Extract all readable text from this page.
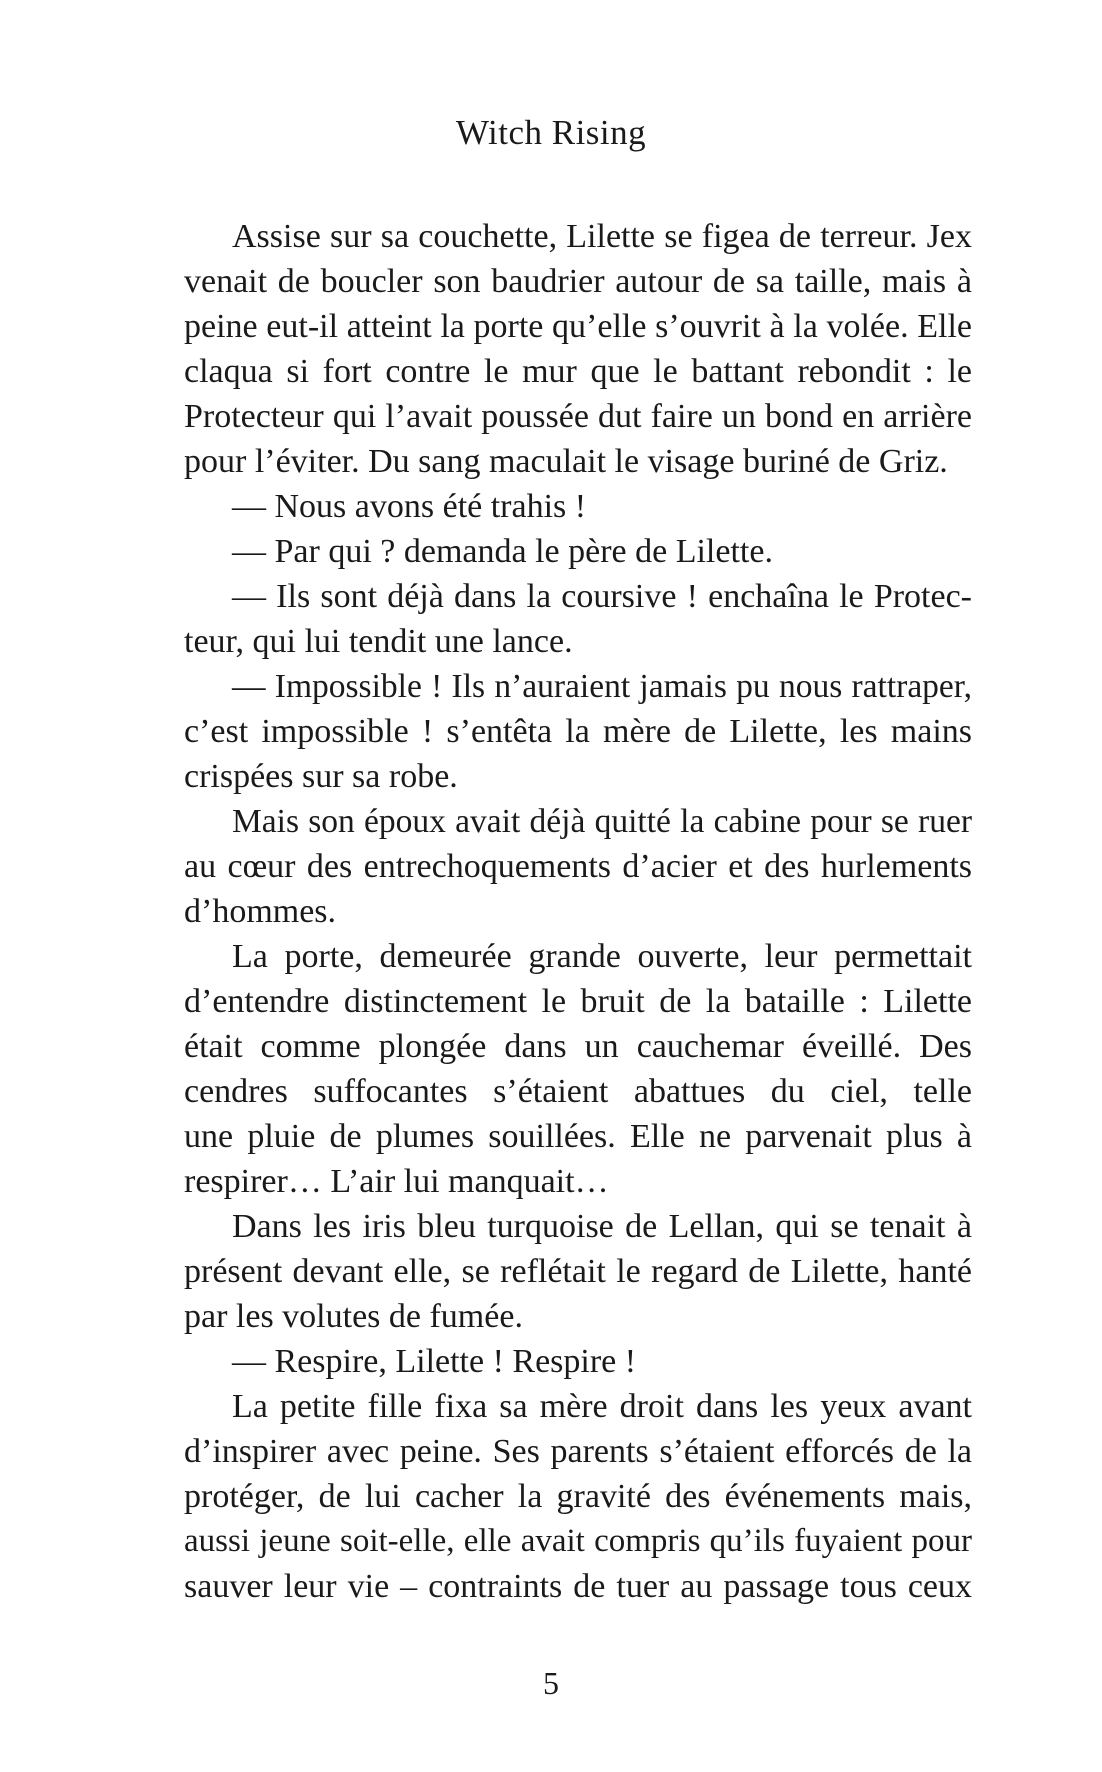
Witch Rising
Assise sur sa couchette, Lilette se figea de terreur. Jex
venait de boucler son baudrier autour de sa taille, mais à
peine eut-il atteint la porte qu’elle s’ouvrit à la volée. Elle
claqua si fort contre le mur que le battant rebondit : le
Protecteur qui l’avait poussée dut faire un bond en arrière
pour l’éviter. Du sang maculait le visage buriné de Griz.
— Nous avons été trahis !
— Par qui ? demanda le père de Lilette.
— Ils sont déjà dans la coursive ! enchaîna le Protec-
teur, qui lui tendit une lance.
— Impossible ! Ils n’auraient jamais pu nous rattraper,
c’est impossible ! s’entêta la mère de Lilette, les mains
crispées sur sa robe.
Mais son époux avait déjà quitté la cabine pour se ruer
au cœur des entrechoquements d’acier et des hurlements
d’hommes.
La porte, demeurée grande ouverte, leur permettait
d’entendre distinctement le bruit de la bataille : Lilette
était comme plongée dans un cauchemar éveillé. Des
cendres suffocantes s’étaient abattues du ciel, telle
une pluie de plumes souillées. Elle ne parvenait plus à
respirer… L’air lui manquait…
Dans les iris bleu turquoise de Lellan, qui se tenait à
présent devant elle, se reflétait le regard de Lilette, hanté
par les volutes de fumée.
— Respire, Lilette ! Respire !
La petite fille fixa sa mère droit dans les yeux avant
d’inspirer avec peine. Ses parents s’étaient efforcés de la
protéger, de lui cacher la gravité des événements mais,
aussi jeune soit-elle, elle avait compris qu’ils fuyaient pour
sauver leur vie – contraints de tuer au passage tous ceux
5
